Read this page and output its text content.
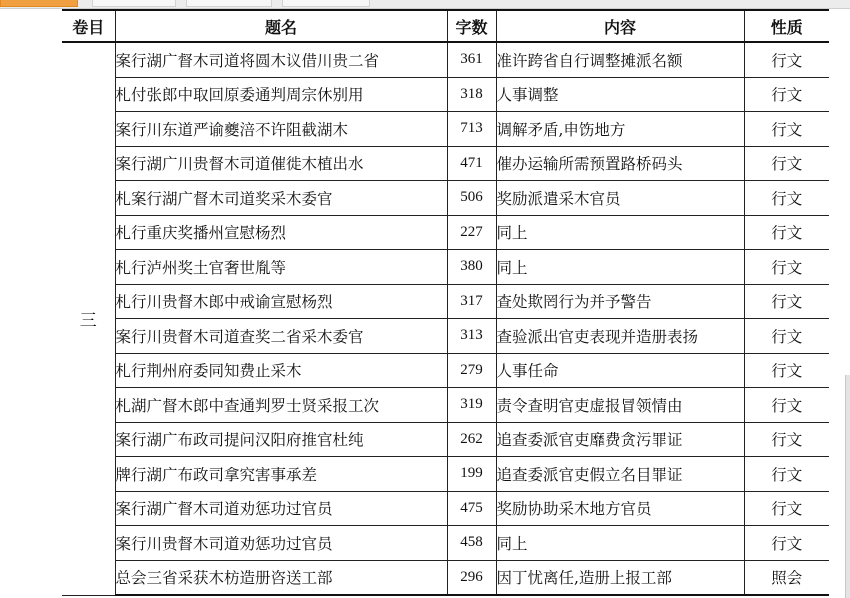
卷目	题名	字数	内容	性质
三	案行湖广督木司道将圆木议借川贵二省	361	准许跨省自行调整摊派名额	行文
	札付张郎中取回原委通判周宗休别用	318	人事调整	行文
	案行川东道严谕夔涪不许阻截湖木	713	调解矛盾,申饬地方	行文
	案行湖广川贵督木司道催徙木植出水	471	催办运输所需预置路桥码头	行文
	札案行湖广督木司道奖采木委官	506	奖励派遣采木官员	行文
	札行重庆奖播州宣慰杨烈	227	同上	行文
	札行泸州奖土官奢世胤等	380	同上	行文
	札行川贵督木郎中戒谕宣慰杨烈	317	查处欺罔行为并予警告	行文
	案行川贵督木司道查奖二省采木委官	313	查验派出官吏表现并造册表扬	行文
	札行荆州府委同知费止采木	279	人事任命	行文
	札湖广督木郎中查通判罗士贤采报工次	319	责令查明官吏虚报冒领情由	行文
	案行湖广布政司提问汉阳府推官杜纯	262	追查委派官吏靡费贪污罪证	行文
	牌行湖广布政司拿究害事承差	199	追查委派官吏假立名目罪证	行文
	案行湖广督木司道劝惩功过官员	475	奖励协助采木地方官员	行文
	案行川贵督木司道劝惩功过官员	458	同上	行文
	总会三省采获木枋造册咨送工部	296	因丁忧离任,造册上报工部	照会
